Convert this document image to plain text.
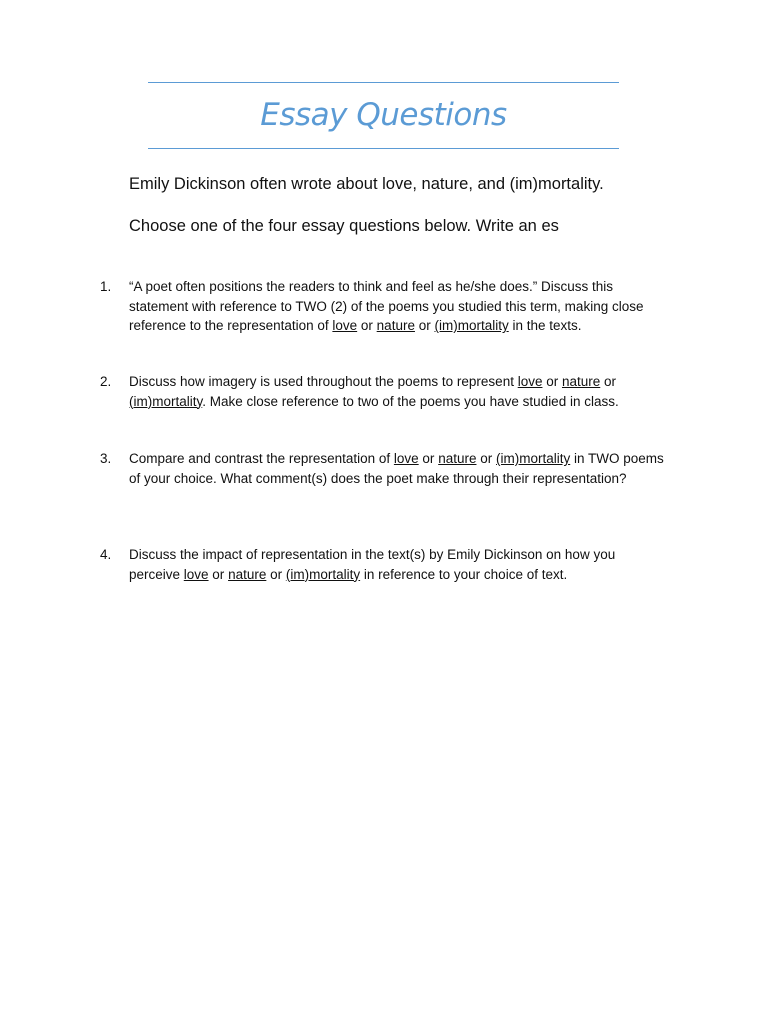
Essay Questions
Emily Dickinson often wrote about love, nature, and (im)mortality.
Choose one of the four essay questions below. Write an es
1.	“A poet often positions the readers to think and feel as he/she does.” Discuss this statement with reference to TWO (2) of the poems you studied this term, making close reference to the representation of love or nature or (im)mortality in the texts.
2.	Discuss how imagery is used throughout the poems to represent love or nature or (im)mortality. Make close reference to two of the poems you have studied in class.
3.	Compare and contrast the representation of love or nature or (im)mortality in TWO poems of your choice. What comment(s) does the poet make through their representation?
4.	Discuss the impact of representation in the text(s) by Emily Dickinson on how you perceive love or nature or (im)mortality in reference to your choice of text.
